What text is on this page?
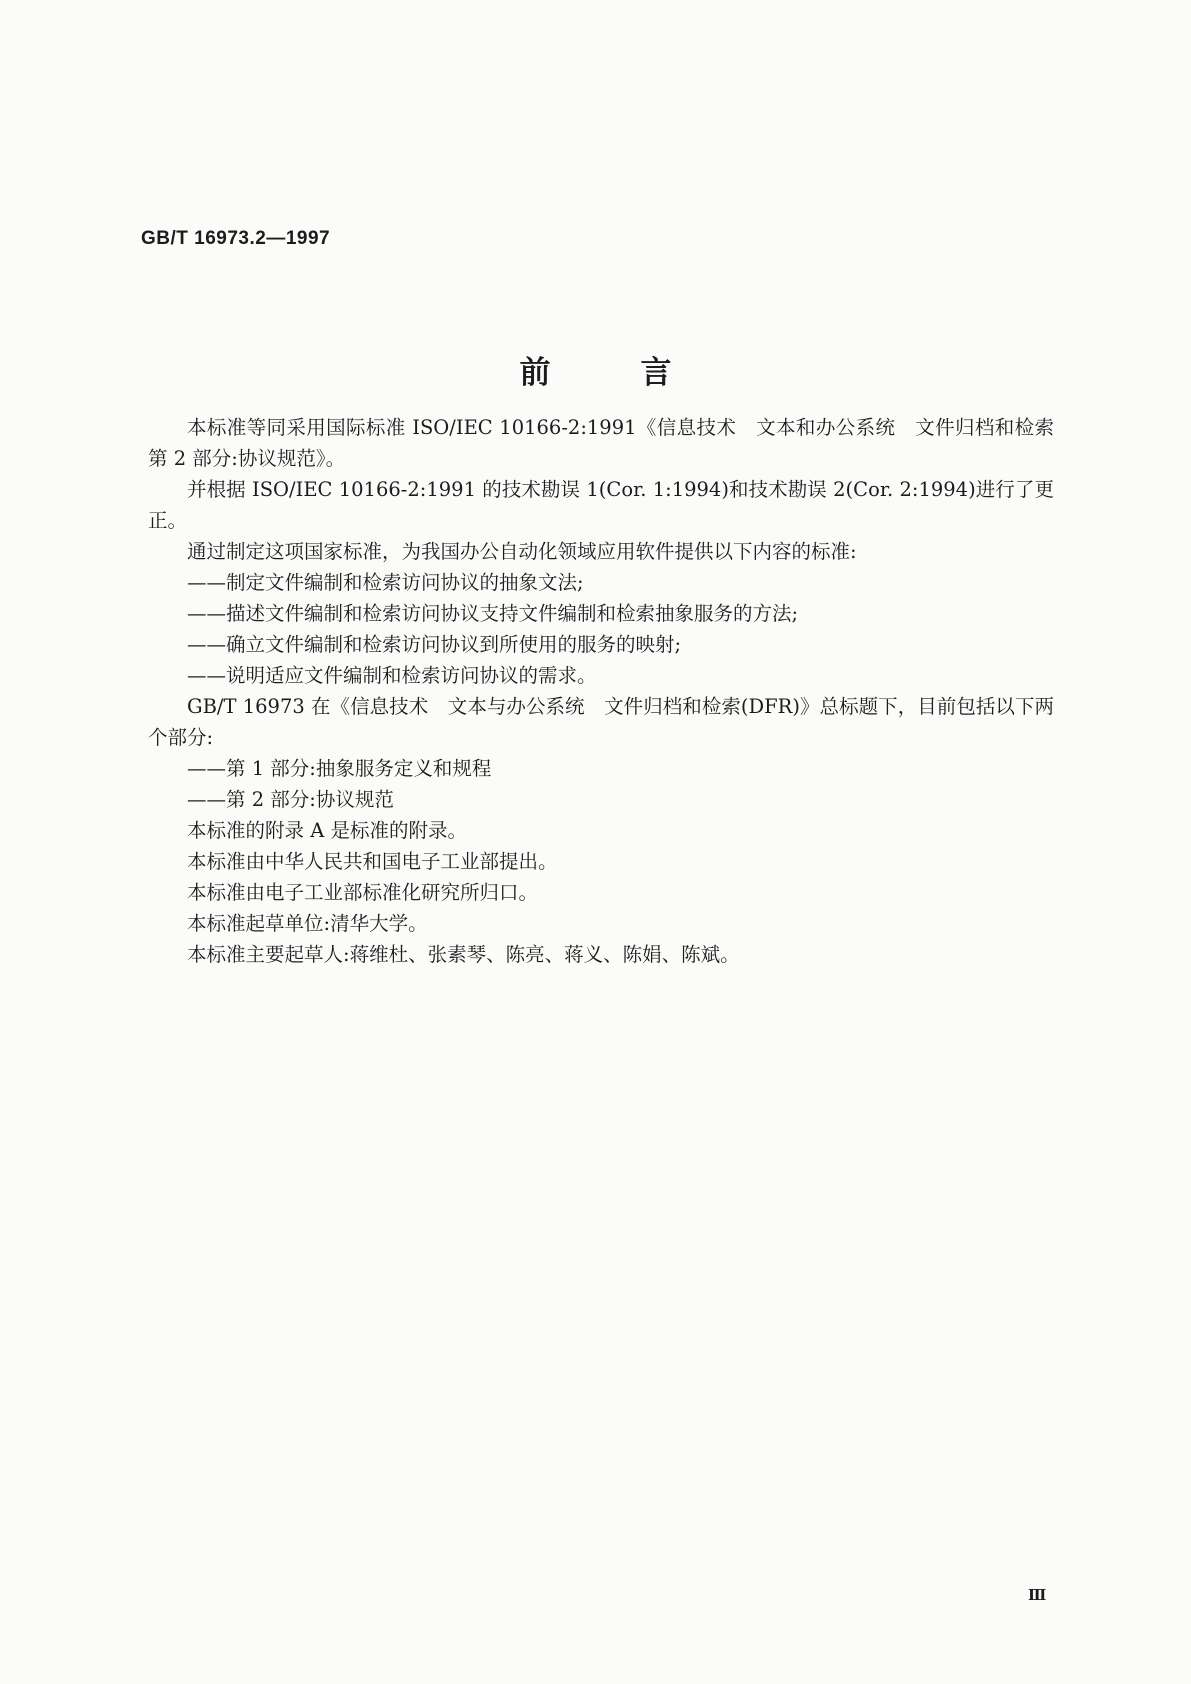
GB/T 16973.2—1997
前言

本标准等同采用国际标准 ISO/IEC 10166-2:1991《信息技术　文本和办公系统　文件归档和检索 第 2 部分:协议规范》。

并根据 ISO/IEC 10166-2:1991 的技术勘误 1(Cor. 1:1994)和技术勘误 2(Cor. 2:1994)进行了更正。

通过制定这项国家标准，为我国办公自动化领域应用软件提供以下内容的标准:

——制定文件编制和检索访问协议的抽象文法;

——描述文件编制和检索访问协议支持文件编制和检索抽象服务的方法;

——确立文件编制和检索访问协议到所使用的服务的映射;

——说明适应文件编制和检索访问协议的需求。

GB/T 16973 在《信息技术　文本与办公系统　文件归档和检索(DFR)》总标题下，目前包括以下两个部分:

——第 1 部分:抽象服务定义和规程

——第 2 部分:协议规范

本标准的附录 A 是标准的附录。

本标准由中华人民共和国电子工业部提出。

本标准由电子工业部标准化研究所归口。

本标准起草单位:清华大学。

本标准主要起草人:蒋维杜、张素琴、陈亮、蒋义、陈娟、陈斌。

Ⅲ
